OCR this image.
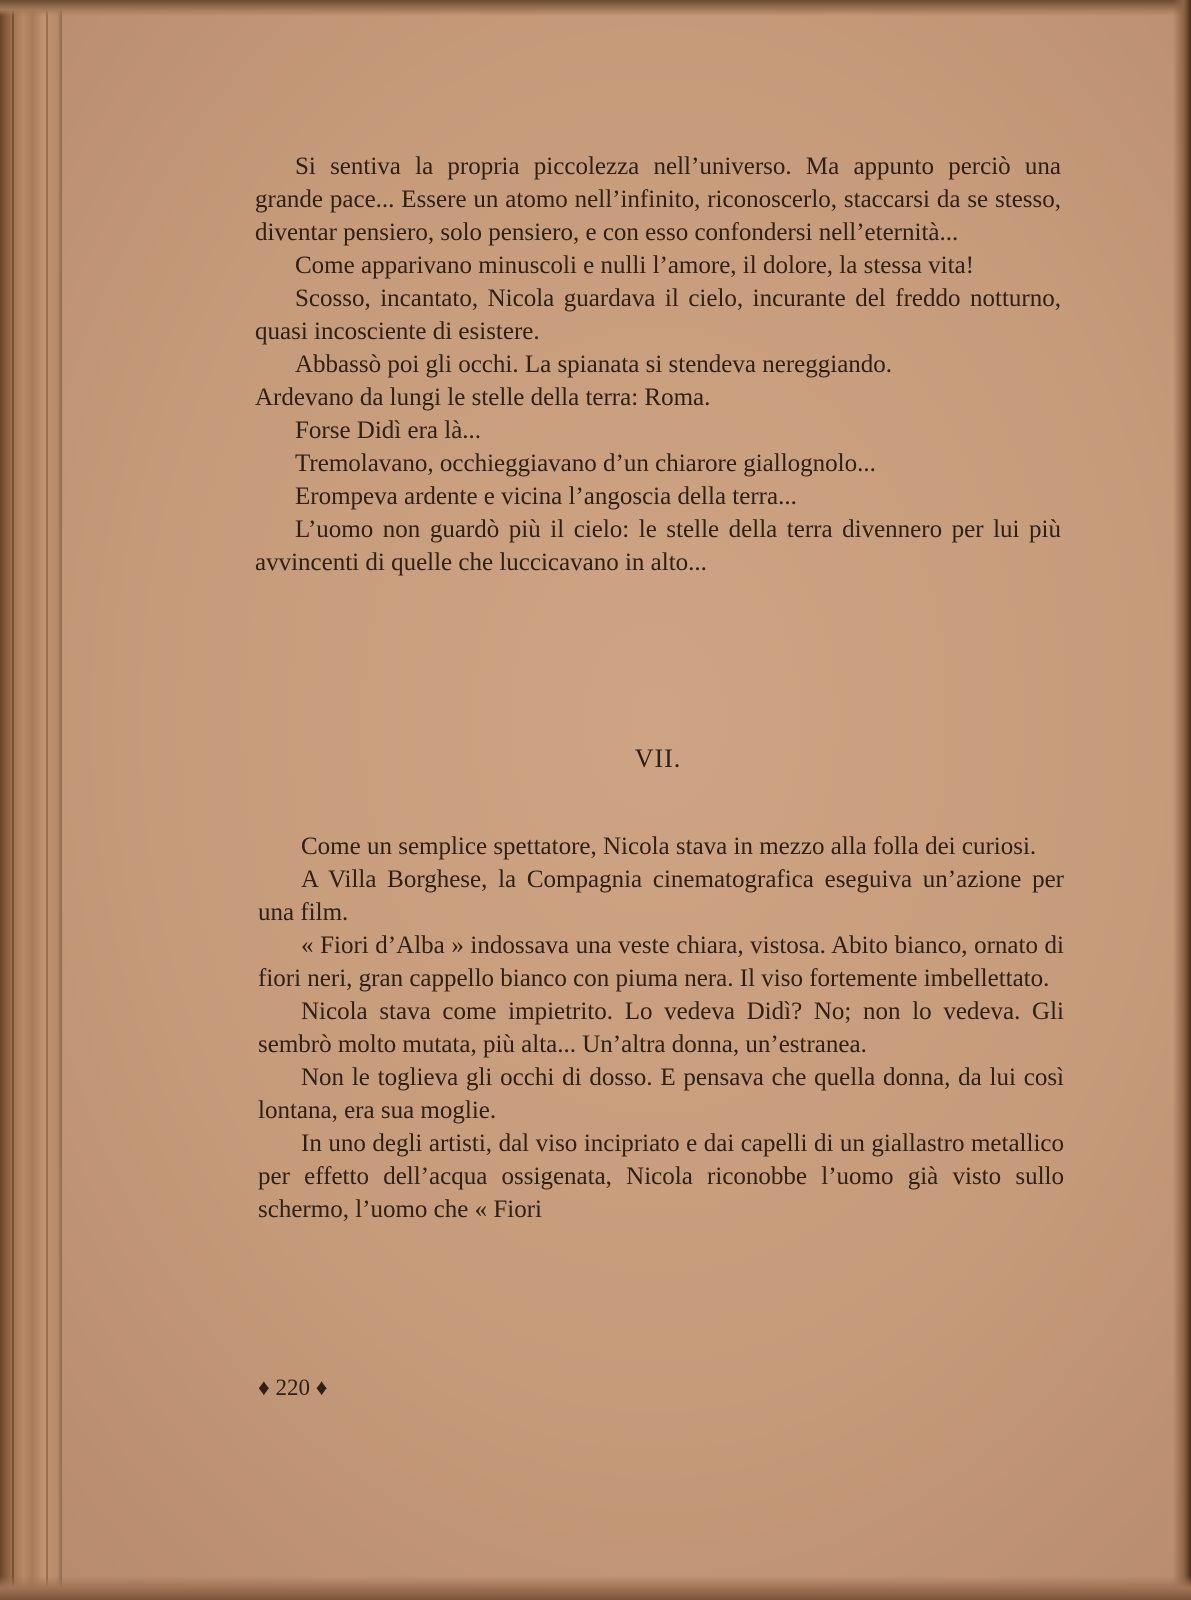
Si sentiva la propria piccolezza nell’universo. Ma appunto perciò una grande pace... Essere un atomo nell’infinito, riconoscerlo, staccarsi da se stesso, diventar pensiero, solo pensiero, e con esso confondersi nell’eternità...

Come apparivano minuscoli e nulli l’amore, il dolore, la stessa vita!

Scosso, incantato, Nicola guardava il cielo, incurante del freddo notturno, quasi incosciente di esistere.

Abbassò poi gli occhi. La spianata si stendeva nereggiando.

Ardevano da lungi le stelle della terra: Roma.

Forse Didì era là...

Tremolavano, occhieggiavano d’un chiarore giallognolo...

Erompeva ardente e vicina l’angoscia della terra...

L’uomo non guardò più il cielo: le stelle della terra divennero per lui più avvincenti di quelle che luccicavano in alto...

VII.

Come un semplice spettatore, Nicola stava in mezzo alla folla dei curiosi.

A Villa Borghese, la Compagnia cinematografica eseguiva un’azione per una film.

« Fiori d’Alba » indossava una veste chiara, vistosa. Abito bianco, ornato di fiori neri, gran cappello bianco con piuma nera. Il viso fortemente imbellettato.

Nicola stava come impietrito. Lo vedeva Didì? No; non lo vedeva. Gli sembrò molto mutata, più alta... Un’altra donna, un’estranea.

Non le toglieva gli occhi di dosso. E pensava che quella donna, da lui così lontana, era sua moglie.

In uno degli artisti, dal viso incipriato e dai capelli di un giallastro metallico per effetto dell’acqua ossigenata, Nicola riconobbe l’uomo già visto sullo schermo, l’uomo che « Fiori

♦ 220 ♦
